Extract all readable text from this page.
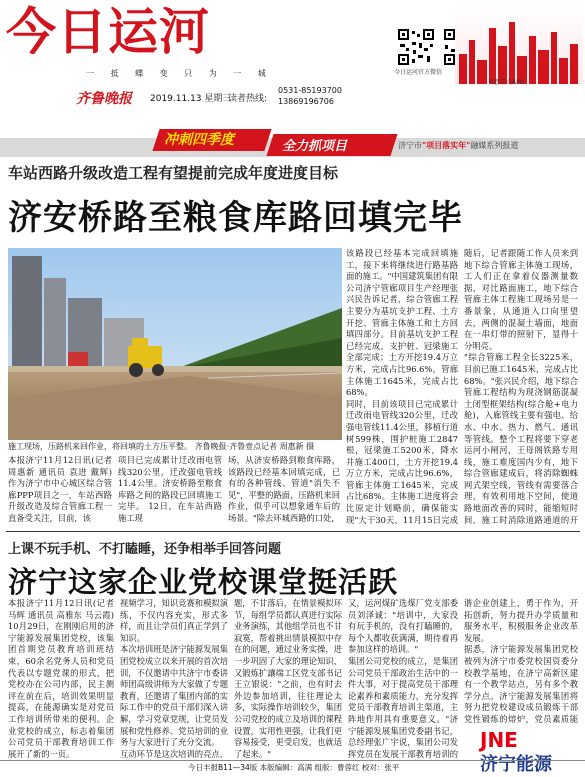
今日运河
一 抵 蝶 变 只 为 一 城
齐鲁晚报 2019.11.13 星期三
读者热线:
0531-85193700
13869196706
今日运河官方微信
齐鲁壹点APP
冲刺四季度	全力抓项目	济宁市"项目落实年"融媒系列报道
车站西路升级改造工程有望提前完成年度进度目标
济安桥路至粮食库路回填完毕
施工现场，压路机来回作业，将回填的土方压平整。 齐鲁晚报·齐鲁壹点记者 周惠新 摄
本报济宁11月12日讯(记者 周惠新 通讯员 袁进 戴辉) 作为济宁市中心城区综合管廊PPP项目之一，车站西路升级改造及综合管廊工程一直备受关注，目前，该
项目已完成累计迁改雨电管线320公里，迁改强电管线11.4公里。济安桥路至粮食库路之间的路段已回填施工完毕。 12日，在车站西路施工现
场，从济安桥路到粮食库路，该路段已经基本回填完成，已有的各种管线、管道"消失不见"，平整的路面，压路机来回作业，似乎可以想象通车后的场景。"除去环城西路的口处，
该路段已经基本完成回填施工，接下来将继续进行路基路面的施工。"中国建筑集团有限公司济宁管廊项目生产经理张兴民告诉记者，综合管廊工程主要分为基坑支护工程、土方开挖、管廊主体施工和土方回填四部分。目前基坑支护工程已经完成，支护桩、冠梁施工全部完成；土方开挖19.4万立方米，完成占比96.6%，管廊主体施工1645米，完成占比68%。
同时，目前该项目已完成累计迁改雨电管线320公里，迁改强电管线11.4公里，移植行道树599株，围护桩施工2847根，冠梁施工5200米，降水井施工400口，土方开挖19.4万立方米，完成占比96.6%，管廊主体施工1645米，完成占比68%。主体施工进度将会比原定计划略前，确保能实现"大干30天，11月15日完成
随后，记者跟随工作人员来到地下综合管廊主体施工现场，工人们正在拿着仪器测量数据，对比路面施工，地下综合管廊主体工程施工现场另是一番景象，从通道入口向里望去，两侧的混凝土墙面，地面在一串灯带的照射下，显得十分明亮。
"综合管廊工程全长3225米，目前已施工1645米，完成占比68%。"张兴民介绍，地下综合管廊工程结构为现浇钢筋混凝土闭型框架结构(综合舱+电力舱)，入廊管线主要有强电、给水、中水、热力、燃气、通讯等管线。整个工程将要下穿老运河小闸河，王母阁铁路专用线，施工难度国内少有，地下综合管廊建成后，将消除蜘蛛网式架空线，管线有需要落合理，有效利用地下空间，使道路地面改善的同时，能缩短时间，施工时消除道路通道的开
上课不玩手机、不打瞌睡，还争相举手回答问题
济宁这家企业党校课堂挺活跃
本报济宁11月12日讯(记者 马辉 通讯员 高雅东 马云霞) 10月29日，在刚刚启用的济宁能源发展集团党校，该集团首期党员教育培训班结束，60余名党务人员和党员代表以专题党课的形式，把党校办在公司内部，民主测评在前在后，培训效果明显提高，在能源确实是对党员工作培训所带来的便利。企业党校的成立，标志着集团公司党员干部教育培训工作展开了新的一页。

视频学习，知识竞赛和模拟演练，不仅内容充实，形式多样，而且让学员们真正学到了知识。
本次培训班是济宁能源发展集团党校成立以来开展的首次培训，不仅邀请中共济宁市委讲师团高级讲师为大家做了专题教育，还邀请了集团内部的实际工作中的党员干部们深入讲解，学习党章党规，让党员发展和党性修养、党员培训的业务与大家进行了充分交流。
互动环节是这次培训的亮点，
题，不甘落后，在情景模拟环节，每组学员都认真进行实际业务演练，其他组学员也不甘寂寞，帮着挑出情景模拟中存在的问题，通过业务实操，进一步巩固了大家的理论知识，又锻炼扩讓端工区党支部书记王立银说："之前，也有时去外边参加培训，往往理论太多，实际操作培训较少，集团公司党校的成立及培训的课程设置，实用性更强，让我们更容易接受，更受启发，也就适了起来。"

又，运河煤矿选煤厂党支部委员刘泽诚："培训中，大家没有玩手机的，没有打瞌睡的，每个人都收获满满，期待着再参加这样的培训。"
集团公司党校的成立，是集团公司党员干部政治生活中的一件大事，对于提高党员干部理论素养和素质能力，充分发挥党员干部教育培训主渠道，主阵地作用具有重要意义。"济宁能源发展集团党委副书记，总经理张广宇说，集团公司发挥党员在发展干部教育培训的
谐企业创建上，勇于作为，开拓创新，努力提升办学质量和服务水平，积极服务企业改革发展。
据悉，济宁能源发展集团党校被列为济宁市委党校国资委分校教学基地，在济宁高新区建有一个教学站点，另有多个教学分点。济宁能源发展集团将努力把党校建设成员锻炼干部党性锻炼的熔炉，党员素质能
JNE
济宁能源
今日丰报B11—34版 本版编辑：高满 组版：曹蓉红 校对：张平
